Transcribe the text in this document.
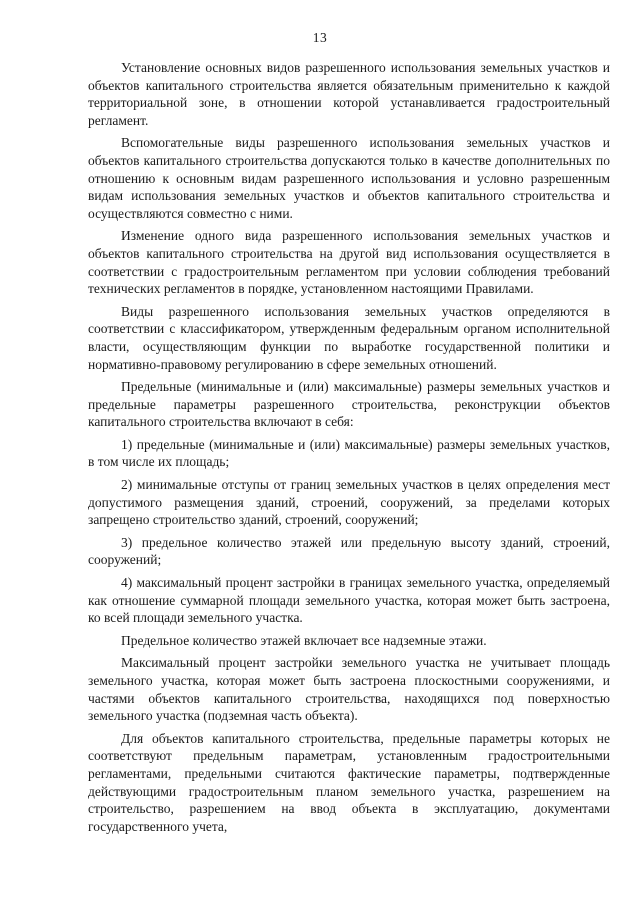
13

Установление основных видов разрешенного использования земельных участков и объектов капитального строительства является обязательным применительно к каждой территориальной зоне, в отношении которой устанавливается градостроительный регламент.

Вспомогательные виды разрешенного использования земельных участков и объектов капитального строительства допускаются только в качестве дополнительных по отношению к основным видам разрешенного использования и условно разрешенным видам использования земельных участков и объектов капитального строительства и осуществляются совместно с ними.

Изменение одного вида разрешенного использования земельных участков и объектов капитального строительства на другой вид использования осуществляется в соответствии с градостроительным регламентом при условии соблюдения требований технических регламентов в порядке, установленном настоящими Правилами.

Виды разрешенного использования земельных участков определяются в соответствии с классификатором, утвержденным федеральным органом исполнительной власти, осуществляющим функции по выработке государственной политики и нормативно-правовому регулированию в сфере земельных отношений.

Предельные (минимальные и (или) максимальные) размеры земельных участков и предельные параметры разрешенного строительства, реконструкции объектов капитального строительства включают в себя:

1) предельные (минимальные и (или) максимальные) размеры земельных участков, в том числе их площадь;

2) минимальные отступы от границ земельных участков в целях определения мест допустимого размещения зданий, строений, сооружений, за пределами которых запрещено строительство зданий, строений, сооружений;

3) предельное количество этажей или предельную высоту зданий, строений, сооружений;

4) максимальный процент застройки в границах земельного участка, определяемый как отношение суммарной площади земельного участка, которая может быть застроена, ко всей площади земельного участка.

Предельное количество этажей включает все надземные этажи.

Максимальный процент застройки земельного участка не учитывает площадь земельного участка, которая может быть застроена плоскостными сооружениями, и частями объектов капитального строительства, находящихся под поверхностью земельного участка (подземная часть объекта).

Для объектов капитального строительства, предельные параметры которых не соответствуют предельным параметрам, установленным градостроительными регламентами, предельными считаются фактические параметры, подтвержденные действующими градостроительным планом земельного участка, разрешением на строительство, разрешением на ввод объекта в эксплуатацию, документами государственного учета,
